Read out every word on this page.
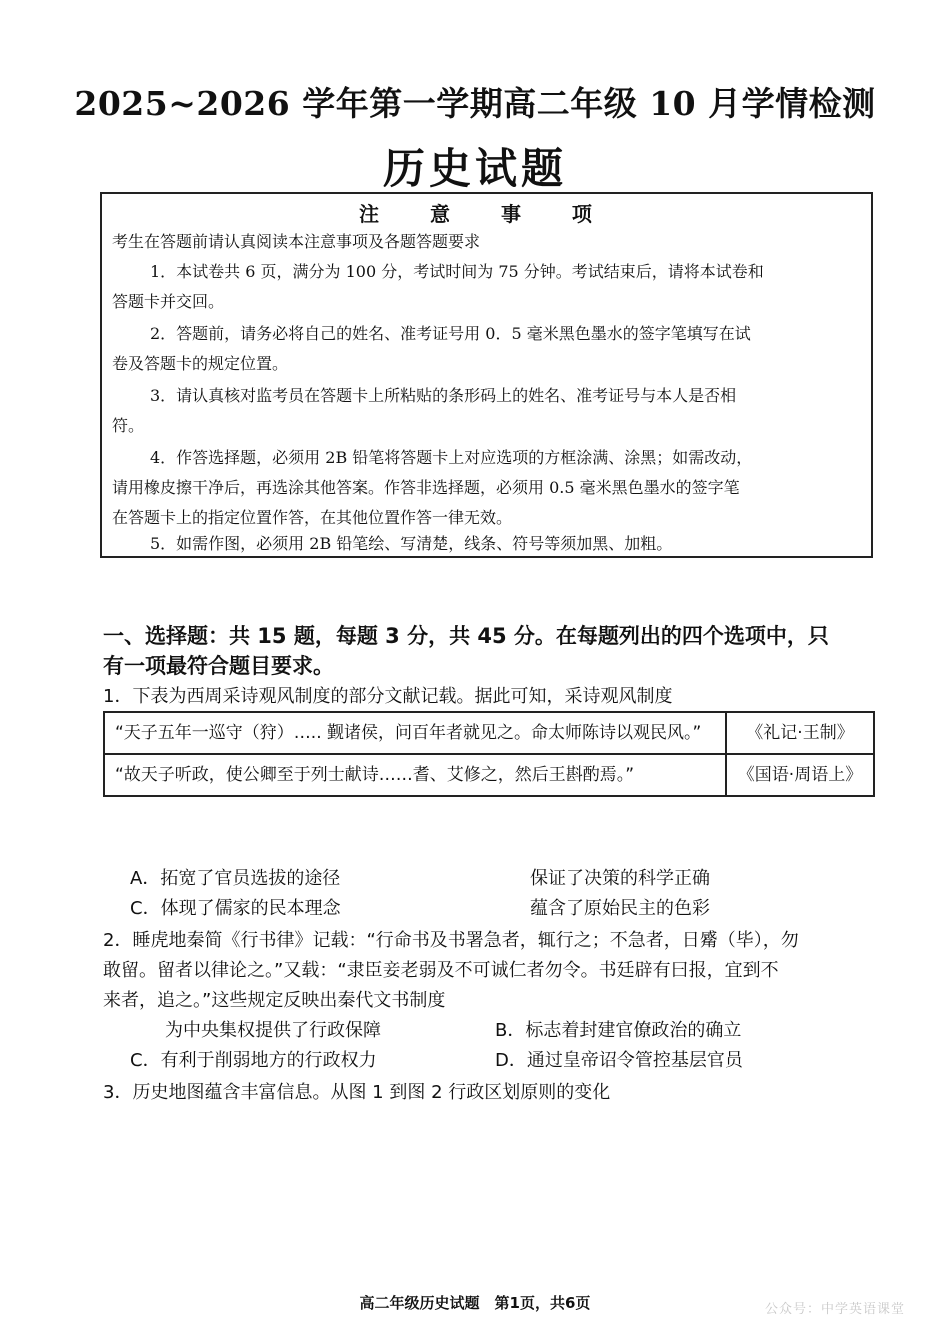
2025~2026 学年第一学期高二年级 10 月学情检测
历史试题
注 意 事 项
考生在答题前请认真阅读本注意事项及各题答题要求
1．本试卷共 6 页，满分为 100 分，考试时间为 75 分钟。考试结束后，请将本试卷和
答题卡并交回。
2．答题前，请务必将自己的姓名、准考证号用 0．5 毫米黑色墨水的签字笔填写在试
卷及答题卡的规定位置。
3．请认真核对监考员在答题卡上所粘贴的条形码上的姓名、准考证号与本人是否相
符。
4．作答选择题，必须用 2B 铅笔将答题卡上对应选项的方框涂满、涂黑；如需改动，
请用橡皮擦干净后，再选涂其他答案。作答非选择题，必须用 0.5 毫米黑色墨水的签字笔
在答题卡上的指定位置作答，在其他位置作答一律无效。
5．如需作图，必须用 2B 铅笔绘、写清楚，线条、符号等须加黑、加粗。
一、选择题：共 15 题，每题 3 分，共 45 分。在每题列出的四个选项中，只
有一项最符合题目要求。
1．下表为西周采诗观风制度的部分文献记载。据此可知，采诗观风制度
“天子五年一巡守（狩）….. 觐诸侯，问百年者就见之。命太师陈诗以观民风。”	《礼记·王制》
“故天子听政，使公卿至于列士献诗……耆、艾修之，然后王斟酌焉。”	《国语·周语上》
A．拓宽了官员选拔的途径	保证了决策的科学正确
C．体现了儒家的民本理念	蕴含了原始民主的色彩
2．睡虎地秦简《行书律》记载：“行命书及书署急者，辄行之；不急者，日觱（毕），勿
敢留。留者以律论之。”又载：“隶臣妾老弱及不可诚仁者勿令。书廷辟有曰报，宜到不
来者，追之。”这些规定反映出秦代文书制度
为中央集权提供了行政保障	B．标志着封建官僚政治的确立
C．有利于削弱地方的行政权力	D．通过皇帝诏令管控基层官员
3．历史地图蕴含丰富信息。从图 1 到图 2 行政区划原则的变化
高二年级历史试题　第1页，共6页	公众号：中学英语课堂
